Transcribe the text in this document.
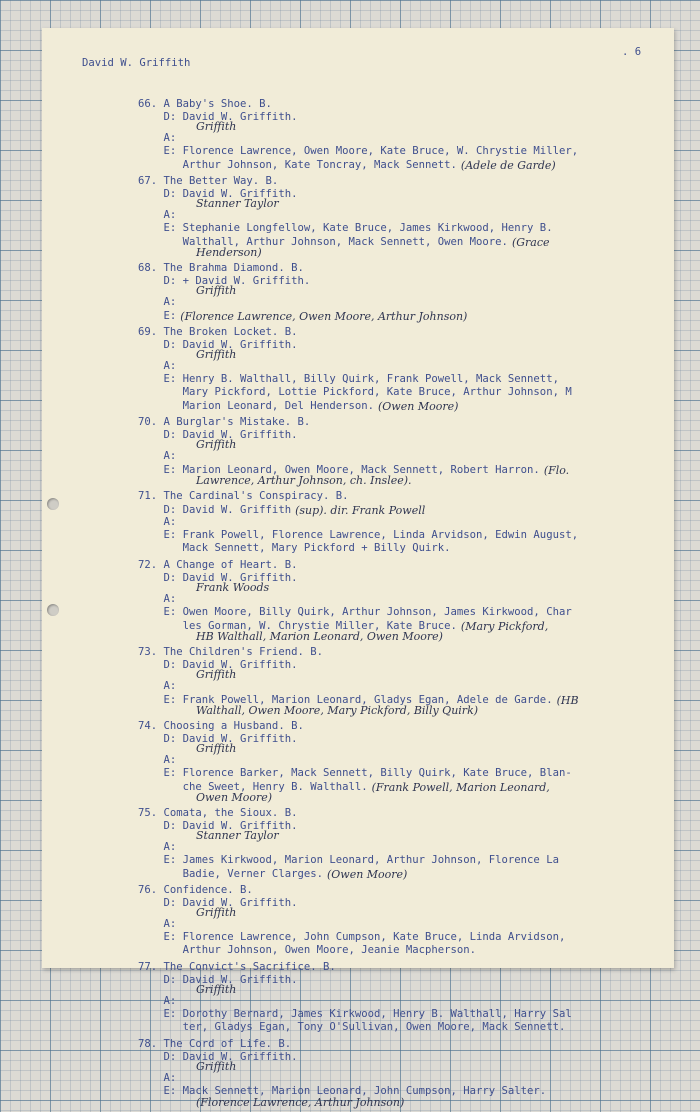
David W. Griffith
. 6
66. A Baby's Shoe. B.
D: David W. Griffith.
Griffith
A:
E: Florence Lawrence, Owen Moore, Kate Bruce, W. Chrystie Miller,
Arthur Johnson, Kate Toncray, Mack Sennett. (Adele de Garde)
67. The Better Way. B.
D: David W. Griffith.
Stanner Taylor
A:
E: Stephanie Longfellow, Kate Bruce, James Kirkwood, Henry B.
Walthall, Arthur Johnson, Mack Sennett, Owen Moore. (Grace
Henderson)
68. The Brahma Diamond. B.
D: + David W. Griffith.
Griffith
A:
E: (Florence Lawrence, Owen Moore, Arthur Johnson)
69. The Broken Locket. B.
D: David W. Griffith.
Griffith
A:
E: Henry B. Walthall, Billy Quirk, Frank Powell, Mack Sennett,
Mary Pickford, Lottie Pickford, Kate Bruce, Arthur Johnson, M
Marion Leonard, Del Henderson. (Owen Moore)
70. A Burglar's Mistake. B.
D: David W. Griffith.
Griffith
A:
E: Marion Leonard, Owen Moore, Mack Sennett, Robert Harron. (Flo.
Lawrence, Arthur Johnson, ch. Inslee).
71. The Cardinal's Conspiracy. B.
D: David W. Griffith (sup). dir. Frank Powell
A:
E: Frank Powell, Florence Lawrence, Linda Arvidson, Edwin August,
Mack Sennett, Mary Pickford + Billy Quirk.
72. A Change of Heart. B.
D: David W. Griffith.
Frank Woods
A:
E: Owen Moore, Billy Quirk, Arthur Johnson, James Kirkwood, Char
les Gorman, W. Chrystie Miller, Kate Bruce. (Mary Pickford,
HB Walthall, Marion Leonard, Owen Moore)
73. The Children's Friend. B.
D: David W. Griffith.
Griffith
A:
E: Frank Powell, Marion Leonard, Gladys Egan, Adele de Garde. (HB
Walthall, Owen Moore, Mary Pickford, Billy Quirk)
74. Choosing a Husband. B.
D: David W. Griffith.
Griffith
A:
E: Florence Barker, Mack Sennett, Billy Quirk, Kate Bruce, Blan-
che Sweet, Henry B. Walthall. (Frank Powell, Marion Leonard,
Owen Moore)
75. Comata, the Sioux. B.
D: David W. Griffith.
Stanner Taylor
A:
E: James Kirkwood, Marion Leonard, Arthur Johnson, Florence La
Badie, Verner Clarges. (Owen Moore)
76. Confidence. B.
D: David W. Griffith.
Griffith
A:
E: Florence Lawrence, John Cumpson, Kate Bruce, Linda Arvidson,
Arthur Johnson, Owen Moore, Jeanie Macpherson.
77. The Convict's Sacrifice. B.
D: David W. Griffith.
Griffith
A:
E: Dorothy Bernard, James Kirkwood, Henry B. Walthall, Harry Sal
ter, Gladys Egan, Tony O'Sullivan, Owen Moore, Mack Sennett.
78. The Cord of Life. B.
D: David W. Griffith.
Griffith
A:
E: Mack Sennett, Marion Leonard, John Cumpson, Harry Salter.
(Florence Lawrence, Arthur Johnson)
